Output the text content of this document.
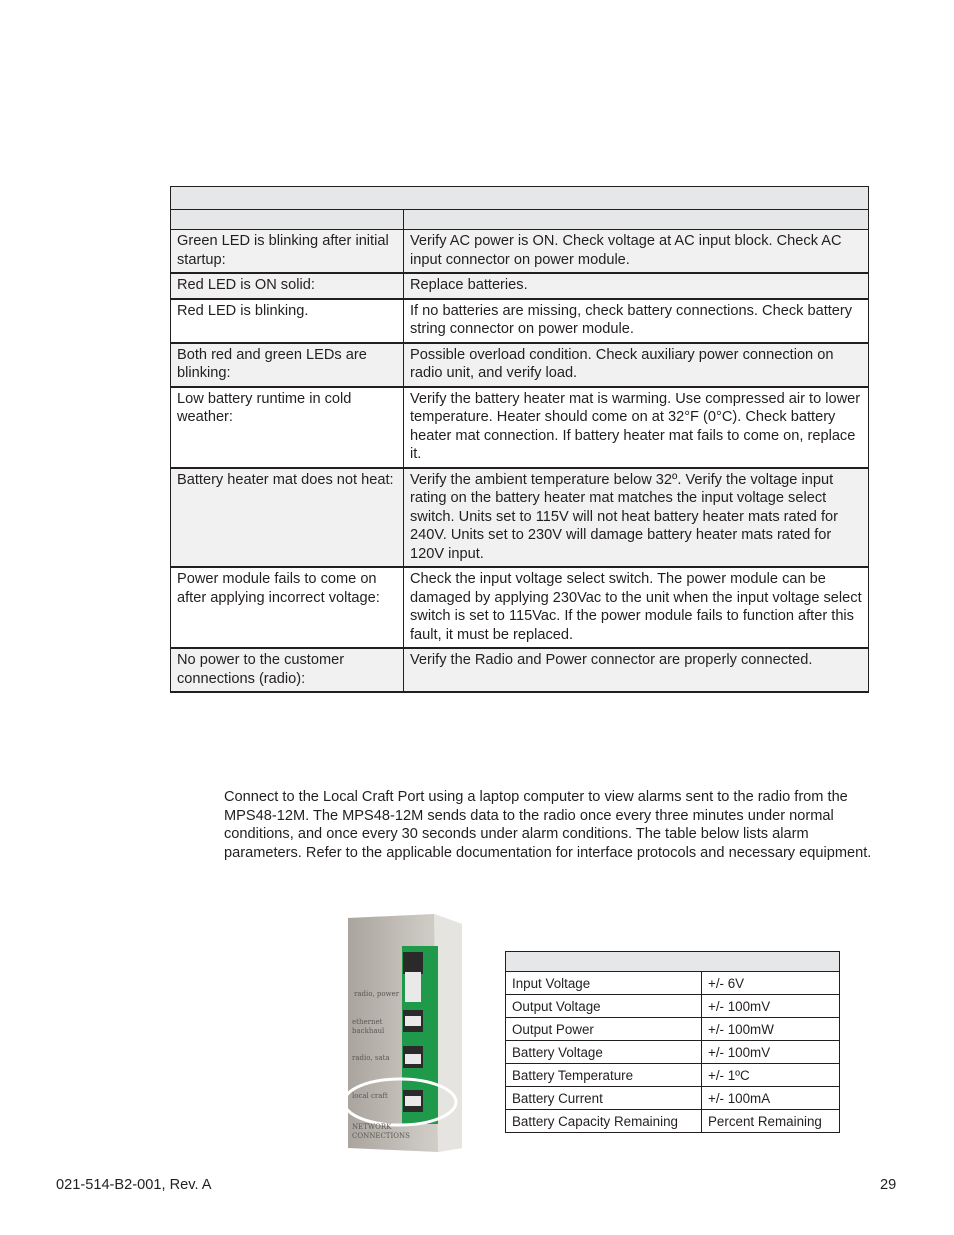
Green LED is blinking after initial startup:	Verify AC power is ON. Check voltage at AC input block. Check AC input connector on power module.
Red LED is ON solid:	Replace batteries.
Red LED is blinking.	If no batteries are missing, check battery connections. Check battery string connector on power module.
Both red and green LEDs are blinking:	Possible overload condition. Check auxiliary power connection on radio unit, and verify load.
Low battery runtime in cold weather:	Verify the battery heater mat is warming. Use compressed air to lower temperature. Heater should come on at 32°F (0°C). Check battery heater mat connection. If battery heater mat fails to come on, replace it.
Battery heater mat does not heat:	Verify the ambient temperature below 32º. Verify the voltage input rating on the battery heater mat matches the input voltage select switch. Units set to 115V will not heat battery heater mats rated for 240V. Units set to 230V will damage battery heater mats rated for 120V input.
Power module fails to come on after applying incorrect voltage:	Check the input voltage select switch. The power module can be damaged by applying 230Vac to the unit when the input voltage select switch is set to 115Vac. If the power module fails to function after this fault, it must be replaced.
No power to the customer connections (radio):	Verify the Radio and Power connector are properly connected.
Connect to the Local Craft Port using a laptop computer to view alarms sent to the radio from the MPS48-12M. The MPS48-12M sends data to the radio once every three minutes under normal conditions, and once every 30 seconds under alarm conditions. The table below lists alarm parameters. Refer to the applicable documentation for interface protocols and necessary equipment.
radio, power
ethernet
backhaul
radio, sata
local craft
NETWORK
CONNECTIONS

Input Voltage	+/- 6V
Output Voltage	+/- 100mV
Output Power	+/- 100mW
Battery Voltage	+/- 100mV
Battery Temperature	+/- 1ºC
Battery Current	+/- 100mA
Battery Capacity Remaining	Percent Remaining
021-514-B2-001, Rev. A	29
